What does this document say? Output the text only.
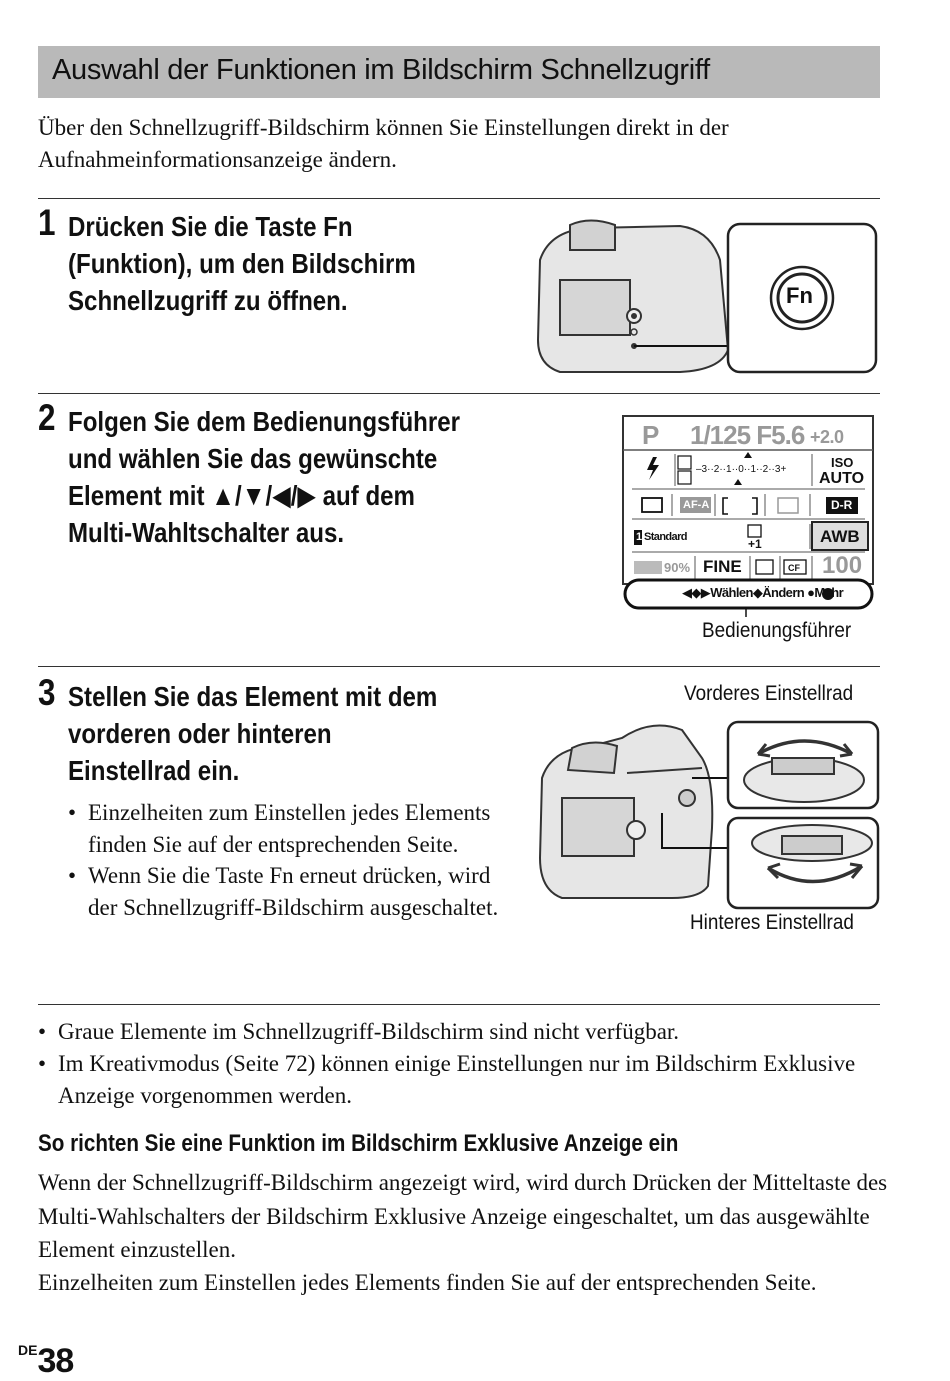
Auswahl der Funktionen im Bildschirm Schnellzugriff
Über den Schnellzugriff-Bildschirm können Sie Einstellungen direkt in der Aufnahmeinformationsanzeige ändern.
1 Drücken Sie die Taste Fn
(Funktion), um den Bildschirm
Schnellzugriff zu öffnen.	Fn
2 Folgen Sie dem Bedienungsführer
und wählen Sie das gewünschte
Element mit ▲/▼/◀/▶ auf dem
Multi-Wahltschalter aus.
P 1/125 F5.6 +2.0
–3··2··1··0··1··2··3+	ISO
AUTO
AF-A	D-R
1 Standard	+1	AWB
90% FINE	CF 100
◀◆▶Wählen◆Ändern ●Mehr
Bedienungsführer
3 Stellen Sie das Element mit dem
vorderen oder hinteren
Einstellrad ein.
• Einzelheiten zum Einstellen jedes Elements finden Sie auf der entsprechenden Seite.
• Wenn Sie die Taste Fn erneut drücken, wird der Schnellzugriff-Bildschirm ausgeschaltet.
Vorderes Einstellrad
Hinteres Einstellrad
• Graue Elemente im Schnellzugriff-Bildschirm sind nicht verfügbar.
• Im Kreativmodus (Seite 72) können einige Einstellungen nur im Bildschirm Exklusive Anzeige vorgenommen werden.
So richten Sie eine Funktion im Bildschirm Exklusive Anzeige ein
Wenn der Schnellzugriff-Bildschirm angezeigt wird, wird durch Drücken der Mitteltaste des Multi-Wahlschalters der Bildschirm Exklusive Anzeige eingeschaltet, um das ausgewählte Element einzustellen.
Einzelheiten zum Einstellen jedes Elements finden Sie auf der entsprechenden Seite.
DE38
